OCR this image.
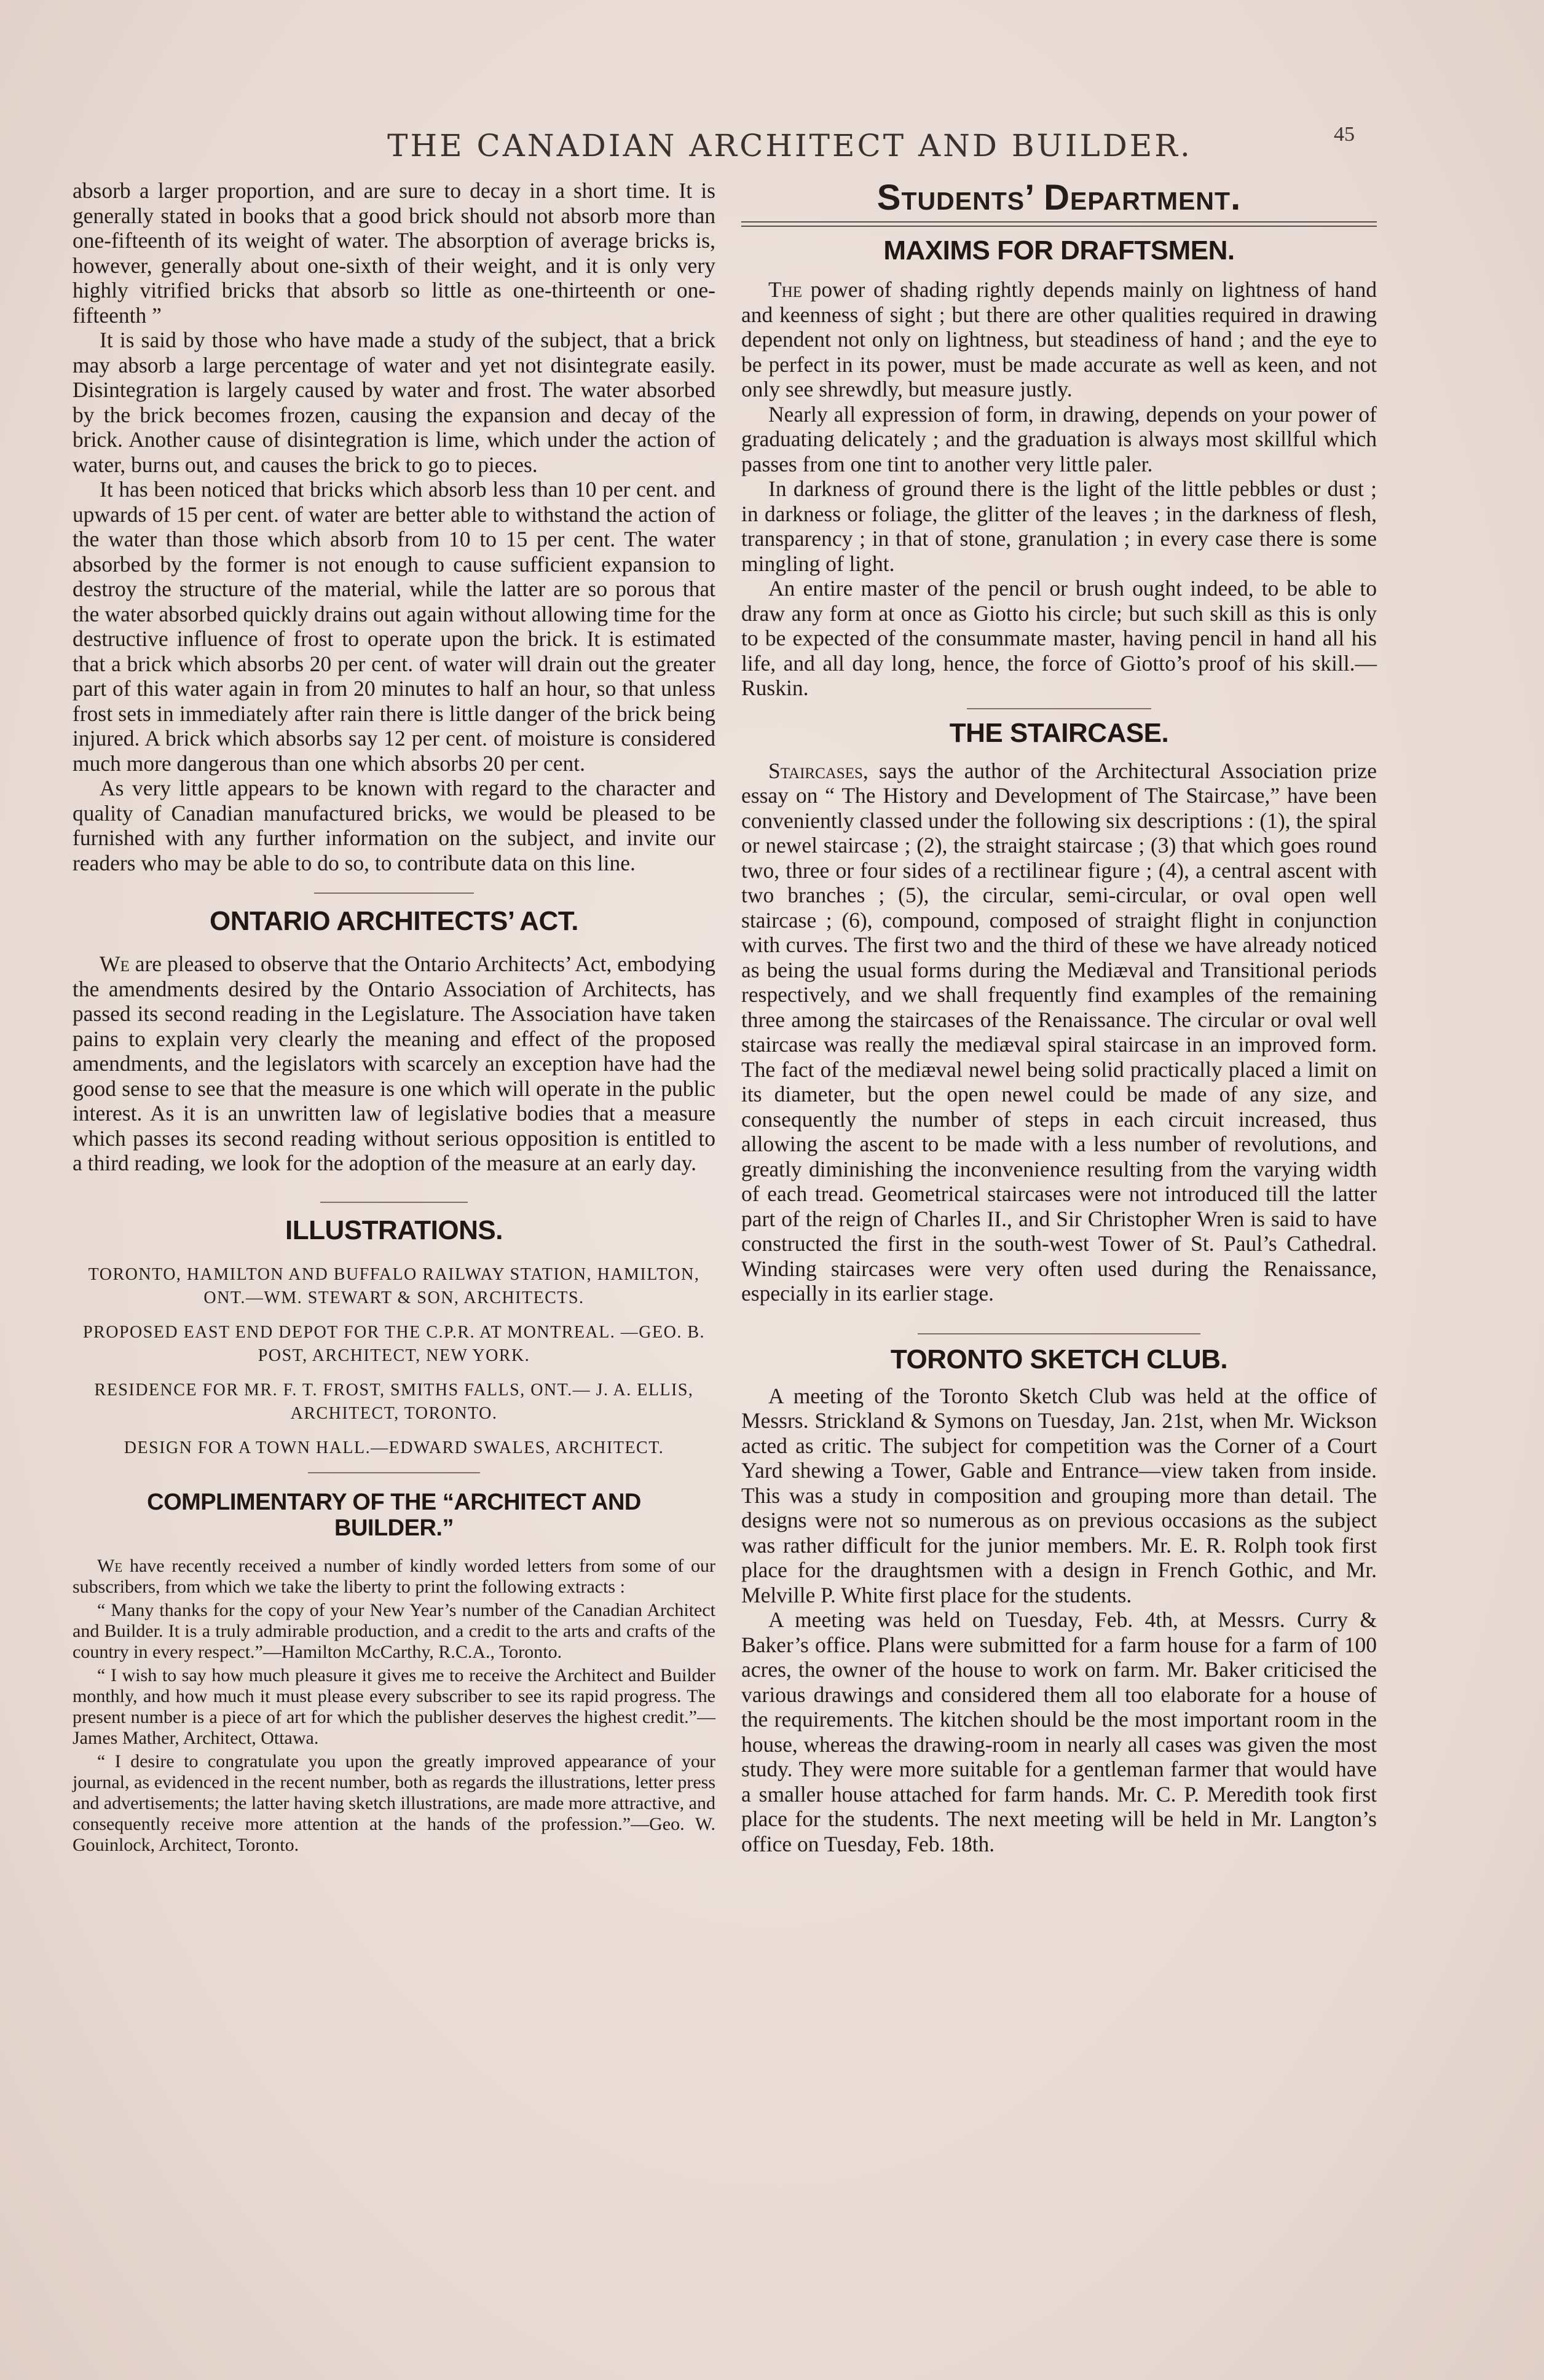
THE CANADIAN ARCHITECT AND BUILDER.	45

absorb a larger proportion, and are sure to decay in a short time. It is generally stated in books that a good brick should not absorb more than one-fifteenth of its weight of water. The absorption of average bricks is, however, generally about one-sixth of their weight, and it is only very highly vitrified bricks that absorb so little as one-thirteenth or one-fifteenth ”

It is said by those who have made a study of the subject, that a brick may absorb a large percentage of water and yet not disintegrate easily. Disintegration is largely caused by water and frost. The water absorbed by the brick becomes frozen, causing the expansion and decay of the brick. Another cause of disintegration is lime, which under the action of water, burns out, and causes the brick to go to pieces.

It has been noticed that bricks which absorb less than 10 per cent. and upwards of 15 per cent. of water are better able to withstand the action of the water than those which absorb from 10 to 15 per cent. The water absorbed by the former is not enough to cause sufficient expansion to destroy the structure of the material, while the latter are so porous that the water absorbed quickly drains out again without allowing time for the destructive influence of frost to operate upon the brick. It is estimated that a brick which absorbs 20 per cent. of water will drain out the greater part of this water again in from 20 minutes to half an hour, so that unless frost sets in immediately after rain there is little danger of the brick being injured. A brick which absorbs say 12 per cent. of moisture is considered much more dangerous than one which absorbs 20 per cent.

As very little appears to be known with regard to the character and quality of Canadian manufactured bricks, we would be pleased to be furnished with any further information on the subject, and invite our readers who may be able to do so, to contribute data on this line.

ONTARIO ARCHITECTS’ ACT.

We are pleased to observe that the Ontario Architects’ Act, embodying the amendments desired by the Ontario Association of Architects, has passed its second reading in the Legislature. The Association have taken pains to explain very clearly the meaning and effect of the proposed amendments, and the legislators with scarcely an exception have had the good sense to see that the measure is one which will operate in the public interest. As it is an unwritten law of legislative bodies that a measure which passes its second reading without serious opposition is entitled to a third reading, we look for the adoption of the measure at an early day.

ILLUSTRATIONS.
TORONTO, HAMILTON AND BUFFALO RAILWAY STATION, HAMILTON, ONT.—WM. STEWART & SON, ARCHITECTS.
PROPOSED EAST END DEPOT FOR THE C.P.R. AT MONTREAL. —GEO. B. POST, ARCHITECT, NEW YORK.
RESIDENCE FOR MR. F. T. FROST, SMITHS FALLS, ONT.— J. A. ELLIS, ARCHITECT, TORONTO.
DESIGN FOR A TOWN HALL.—EDWARD SWALES, ARCHITECT.
COMPLIMENTARY OF THE “ARCHITECT AND BUILDER.”

We have recently received a number of kindly worded letters from some of our subscribers, from which we take the liberty to print the following extracts :

“ Many thanks for the copy of your New Year’s number of the Canadian Architect and Builder. It is a truly admirable production, and a credit to the arts and crafts of the country in every respect.”—Hamilton McCarthy, R.C.A., Toronto.

“ I wish to say how much pleasure it gives me to receive the Architect and Builder monthly, and how much it must please every subscriber to see its rapid progress. The present number is a piece of art for which the publisher deserves the highest credit.”—James Mather, Architect, Ottawa.

“ I desire to congratulate you upon the greatly improved appearance of your journal, as evidenced in the recent number, both as regards the illustrations, letter press and advertisements; the latter having sketch illustrations, are made more attractive, and consequently receive more attention at the hands of the profession.”—Geo. W. Gouinlock, Architect, Toronto.

Students’ Department.
MAXIMS FOR DRAFTSMEN.

The power of shading rightly depends mainly on lightness of hand and keenness of sight ; but there are other qualities required in drawing dependent not only on lightness, but steadiness of hand ; and the eye to be perfect in its power, must be made accurate as well as keen, and not only see shrewdly, but measure justly.

Nearly all expression of form, in drawing, depends on your power of graduating delicately ; and the graduation is always most skillful which passes from one tint to another very little paler.

In darkness of ground there is the light of the little pebbles or dust ; in darkness or foliage, the glitter of the leaves ; in the darkness of flesh, transparency ; in that of stone, granulation ; in every case there is some mingling of light.

An entire master of the pencil or brush ought indeed, to be able to draw any form at once as Giotto his circle; but such skill as this is only to be expected of the consummate master, having pencil in hand all his life, and all day long, hence, the force of Giotto’s proof of his skill.—Ruskin.

THE STAIRCASE.

Staircases, says the author of the Architectural Association prize essay on “ The History and Development of The Staircase,” have been conveniently classed under the following six descriptions : (1), the spiral or newel staircase ; (2), the straight staircase ; (3) that which goes round two, three or four sides of a rectilinear figure ; (4), a central ascent with two branches ; (5), the circular, semi-circular, or oval open well staircase ; (6), compound, composed of straight flight in conjunction with curves. The first two and the third of these we have already noticed as being the usual forms during the Mediæval and Transitional periods respectively, and we shall frequently find examples of the remaining three among the staircases of the Renaissance. The circular or oval well staircase was really the mediæval spiral staircase in an improved form. The fact of the mediæval newel being solid practically placed a limit on its diameter, but the open newel could be made of any size, and consequently the number of steps in each circuit increased, thus allowing the ascent to be made with a less number of revolutions, and greatly diminishing the inconvenience resulting from the varying width of each tread. Geometrical staircases were not introduced till the latter part of the reign of Charles II., and Sir Christopher Wren is said to have constructed the first in the south-west Tower of St. Paul’s Cathedral. Winding staircases were very often used during the Renaissance, especially in its earlier stage.

TORONTO SKETCH CLUB.

A meeting of the Toronto Sketch Club was held at the office of Messrs. Strickland & Symons on Tuesday, Jan. 21st, when Mr. Wickson acted as critic. The subject for competition was the Corner of a Court Yard shewing a Tower, Gable and Entrance—view taken from inside. This was a study in composition and grouping more than detail. The designs were not so numerous as on previous occasions as the subject was rather difficult for the junior members. Mr. E. R. Rolph took first place for the draughtsmen with a design in French Gothic, and Mr. Melville P. White first place for the students.

A meeting was held on Tuesday, Feb. 4th, at Messrs. Curry & Baker’s office. Plans were submitted for a farm house for a farm of 100 acres, the owner of the house to work on farm. Mr. Baker criticised the various drawings and considered them all too elaborate for a house of the requirements. The kitchen should be the most important room in the house, whereas the drawing-room in nearly all cases was given the most study. They were more suitable for a gentleman farmer that would have a smaller house attached for farm hands. Mr. C. P. Meredith took first place for the students. The next meeting will be held in Mr. Langton’s office on Tuesday, Feb. 18th.
